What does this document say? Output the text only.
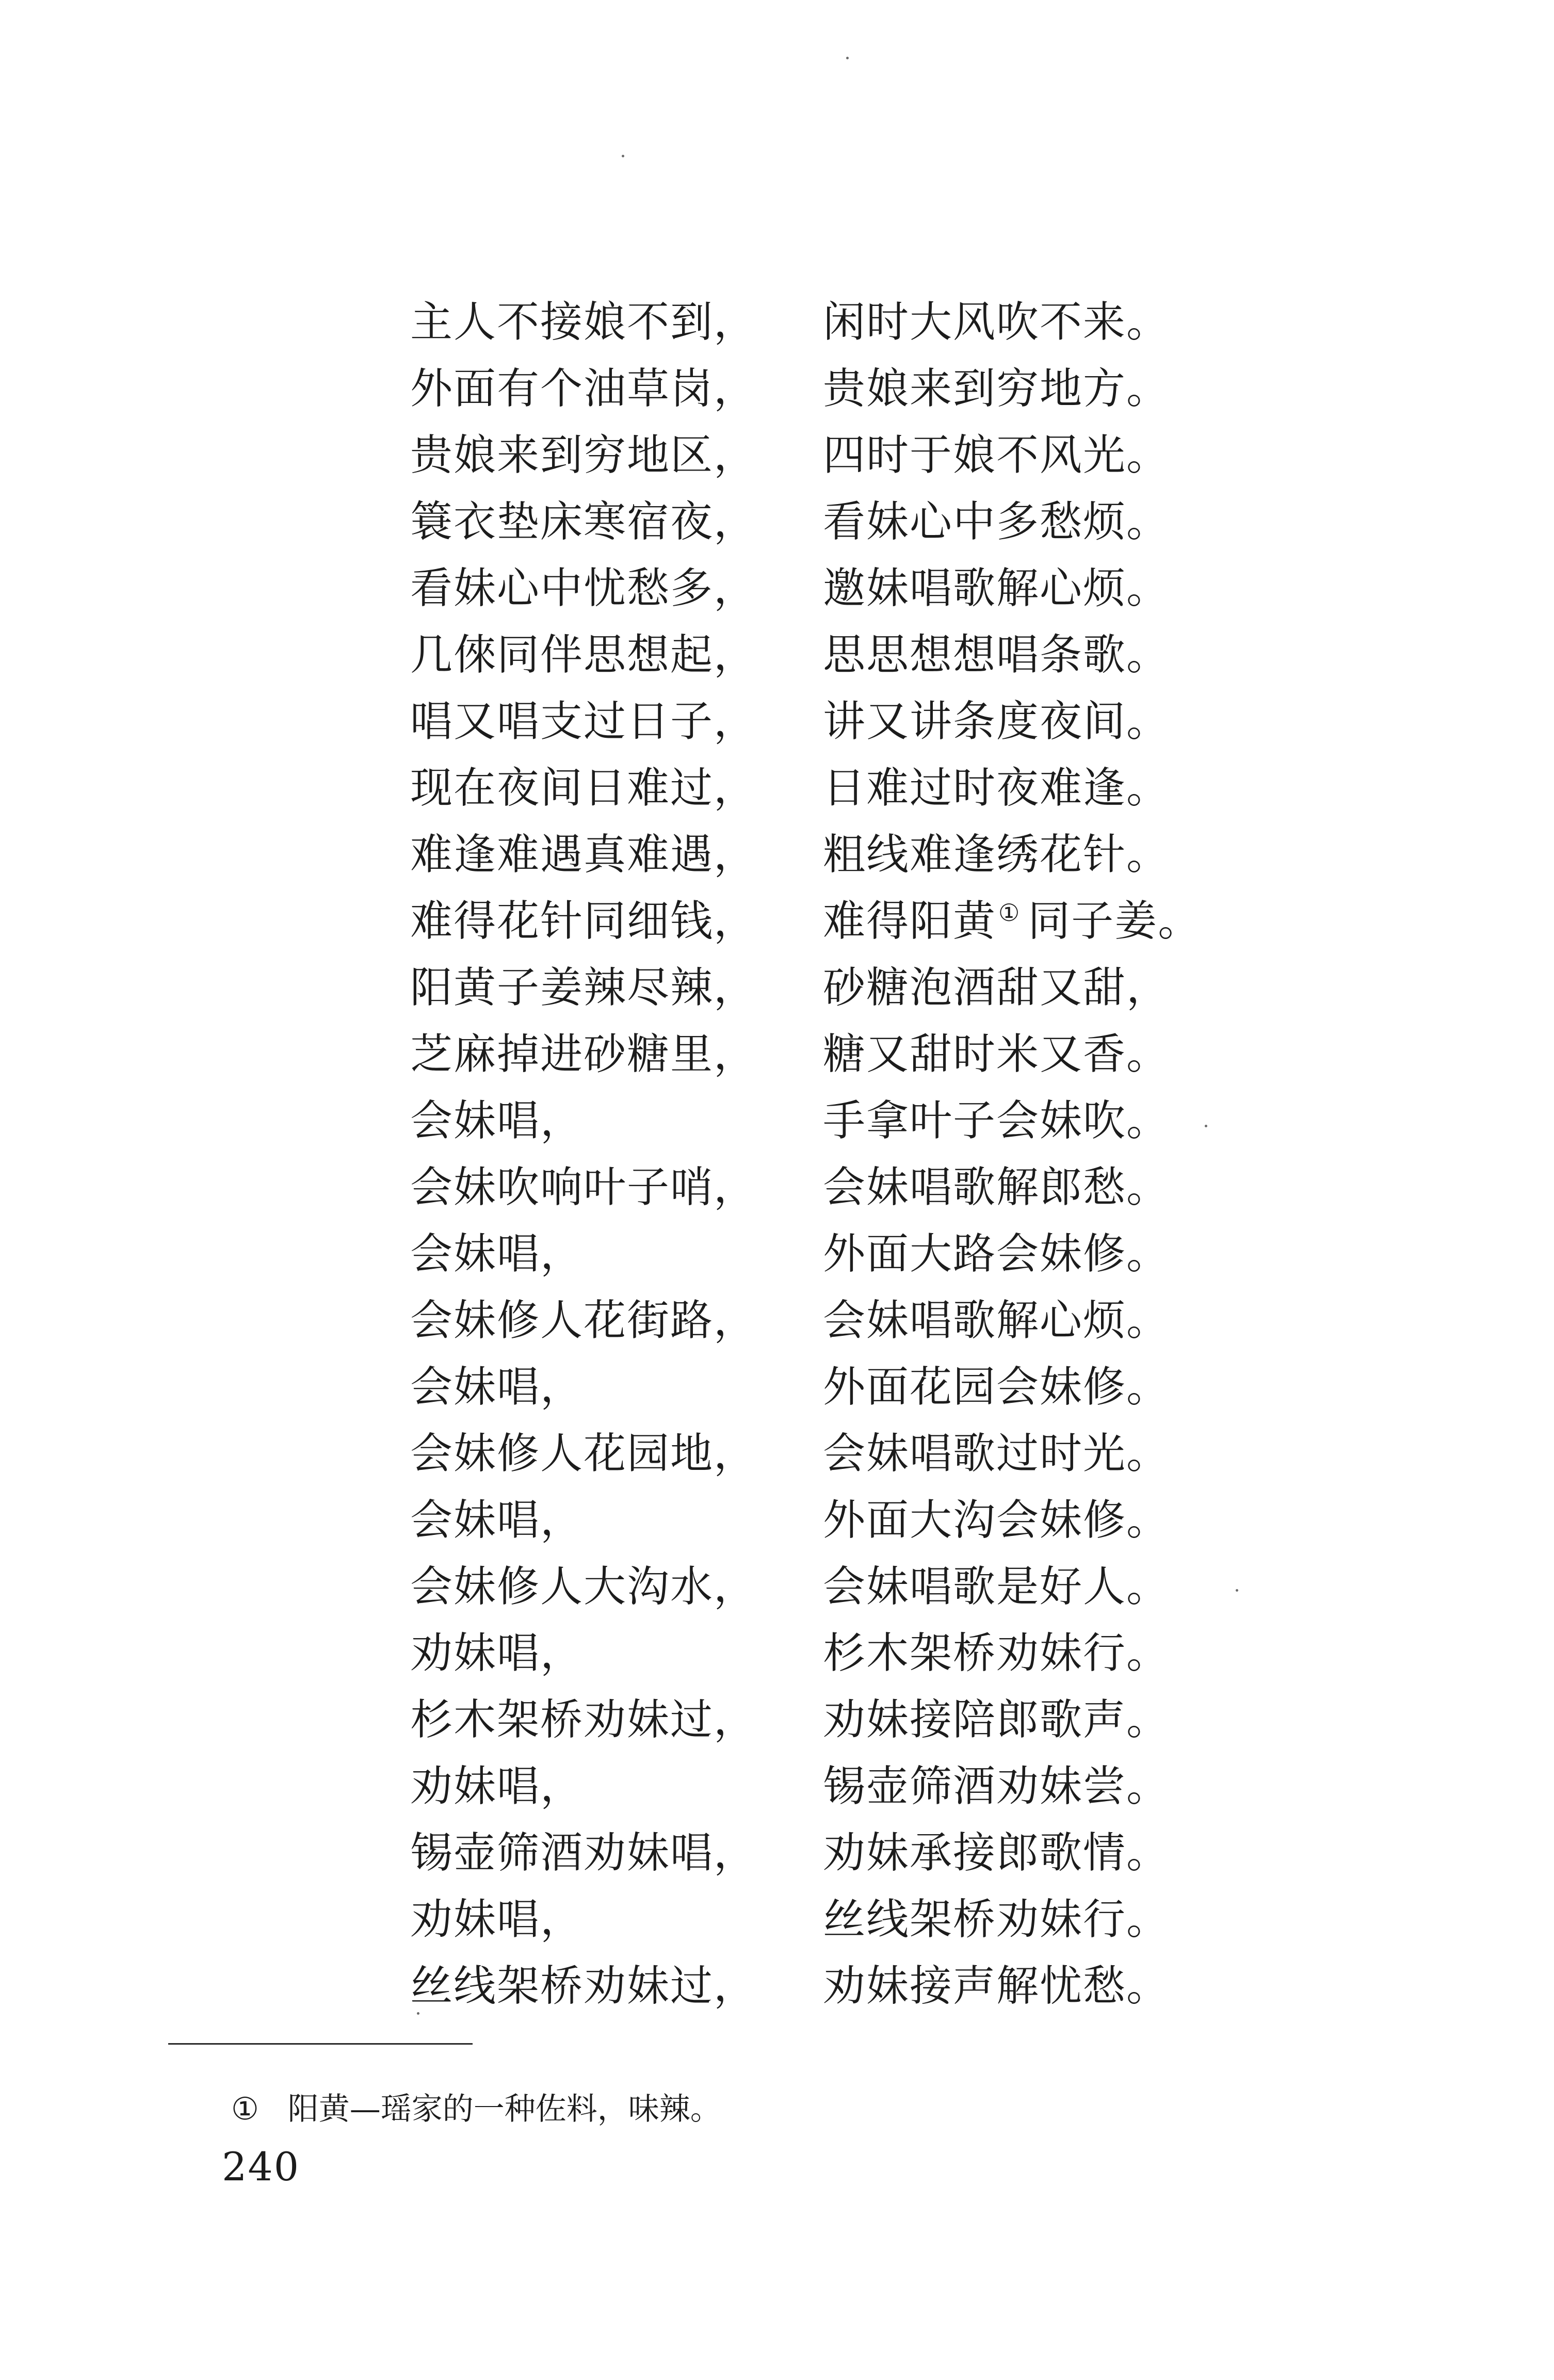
主人不接娘不到， 闲时大风吹不来。
外面有个油草岗， 贵娘来到穷地方。
贵娘来到穷地区， 四时于娘不风光。
簑衣垫床寒宿夜， 看妹心中多愁烦。
看妹心中忧愁多， 邀妹唱歌解心烦。
几倈同伴思想起， 思思想想唱条歌。
唱又唱支过日子， 讲又讲条度夜间。
现在夜间日难过， 日难过时夜难逢。
难逢难遇真难遇， 粗线难逢绣花针。
难得花针同细钱， 难得阳黄① 同子姜。
阳黄子姜辣尽辣， 砂糖泡酒甜又甜，
芝麻掉进砂糖里， 糖又甜时米又香。
会妹唱，	手拿叶子会妹吹。
会妹吹响叶子哨， 会妹唱歌解郎愁。
会妹唱，	外面大路会妹修。
会妹修人花街路， 会妹唱歌解心烦。
会妹唱，	外面花园会妹修。
会妹修人花园地， 会妹唱歌过时光。
会妹唱，	外面大沟会妹修。
会妹修人大沟水， 会妹唱歌是好人。
劝妹唱，	杉木架桥劝妹行。
杉木架桥劝妹过， 劝妹接陪郎歌声。
劝妹唱，	锡壶筛酒劝妹尝。
锡壶筛酒劝妹唱， 劝妹承接郎歌情。
劝妹唱，	丝线架桥劝妹行。
丝线架桥劝妹过， 劝妹接声解忧愁。
① 阳黄—瑶家的一种佐料，味辣。
240
